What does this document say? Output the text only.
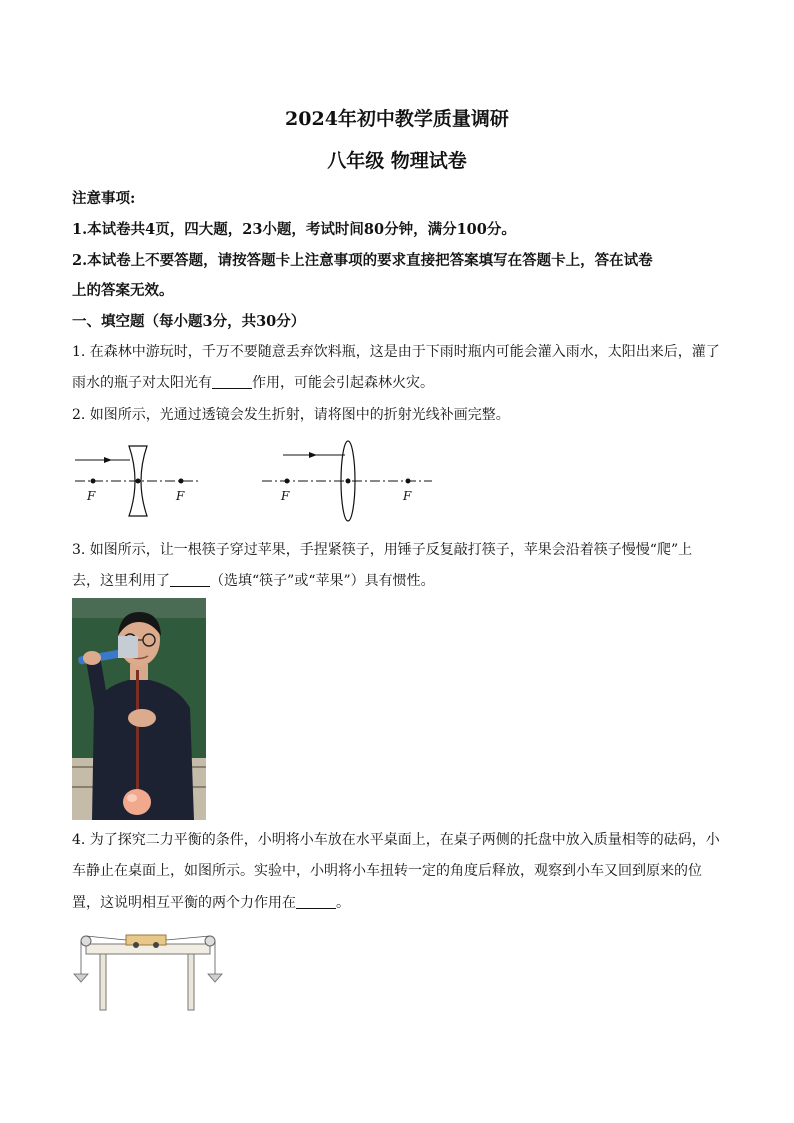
2024年初中教学质量调研
八年级 物理试卷
注意事项:
1.本试卷共4页，四大题，23小题，考试时间80分钟，满分100分。
2.本试卷上不要答题，请按答题卡上注意事项的要求直接把答案填写在答题卡上，答在试卷
上的答案无效。
一、填空题（每小题3分，共30分）
1. 在森林中游玩时，千万不要随意丢弃饮料瓶，这是由于下雨时瓶内可能会灌入雨水，太阳出来后，灌了
雨水的瓶子对太阳光有	作用，可能会引起森林火灾。
2. 如图所示，光通过透镜会发生折射，请将图中的折射光线补画完整。
F	F	F	F
3. 如图所示，让一根筷子穿过苹果，手捏紧筷子，用锤子反复敲打筷子，苹果会沿着筷子慢慢“爬”上
去，这里利用了	（选填“筷子”或“苹果”）具有惯性。
4. 为了探究二力平衡的条件，小明将小车放在水平桌面上，在桌子两侧的托盘中放入质量相等的砝码，小
车静止在桌面上，如图所示。实验中，小明将小车扭转一定的角度后释放，观察到小车又回到原来的位
置，这说明相互平衡的两个力作用在	。
